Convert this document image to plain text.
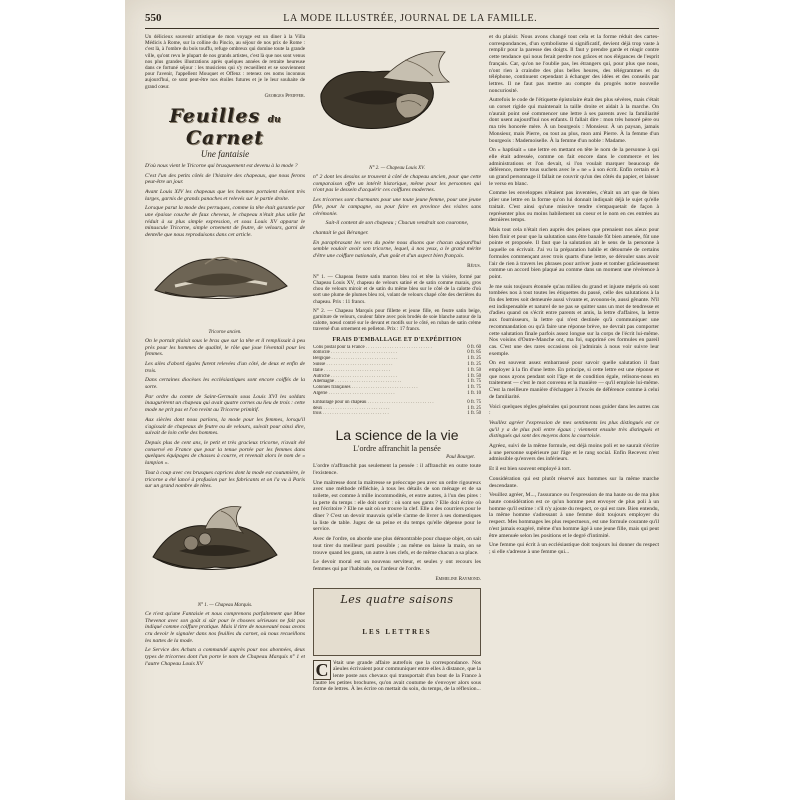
550	LA MODE ILLUSTRÉE, JOURNAL DE LA FAMILLE.

Un délicieux souvenir artistique de mon voyage est un diner à la Villa Médicis à Rome, sur la colline du Pincio, au séjour de nos prix de Rome : c'est là, à l'ombre du bois touffu, refuge ombreux qui domine toute la grande ville, qu'ont revu le plupart de nos grands artistes, c'est là que nos sont venus nos plus grandes illustrations après quelques années de retraite heureuse dans ce fortuné séjour : les musiciens qui s'y recueillent et se souviennent pour l'avenir, l'appellent Mouquet et Offenz : retenez ces noms inconnus aujourd'hui, ce sont peut-être nos étoiles futures et je le leur souhaite de grand cœur.

Georges Pfeiffer.
Feuilles du Carnet
Une fantaisie

D'où nous vient le Tricorne qui brusquement est devenu à la mode ?

C'est l'un des petits côtés de l'histoire des chapeaux, que nous ferons peut-être un jour.

Avant Louis XIV les chapeaux que les hommes portaient étaient très larges, garnis de grands panaches et relevés sur le partie droite.

Lorsque parut la mode des perruques, comme la tête était garantie par une épaisse couche de faux cheveux, le chapeau n'était plus utile fut réduit à sa plus simple expression, et sous Louis XV apparut le minuscule Tricorne, simple ornement de feutre, de velours, garni de dentelle que nous reproduisons dans cet article.

Tricorne ancien.

On le portait plaisit sous le bras que sur la tête et il remplissait à peu près pour les hommes de qualité, le rôle que joue l'éventail pour les femmes.

Les ailes d'abord égales furent relevées d'un côté, de deux et enfin de trois.

Dans certaines diocèses les ecclésiastiques sont encore coiffés de la sorte.

Par ordre du comte de Saint-Germain sous Louis XVI les soldats inaugurèrent un chapeau qui avait quatre cornes au lieu de trois : cette mode ne prit pas et l'on revint au Tricorne primitif.

Aux siècles dont nous parlons, la mode pour les femmes, lorsqu'il s'agissait de chapeaux de feutre ou de velours, suivait pour ainsi dire, suivait de loin celle des hommes.

Depuis plus de cent ans, le petit et très gracieux tricorne, n'avait été conservé en France que pour la tenue portée par les femmes dans quelques équipages de chasses à courre, et revenait alors le nom de « lampion ».

Tout à coup avec ces brusques caprices dont la mode est coutumière, le tricorne a été lancé à profusion par les fabricants et on l'a vu à Paris sur un grand nombre de têtes.

N° 1. — Chapeau Marquis.

Ce n'est qu'une Fantaisie et nous comprenons parfaitement que Mme Thevenot avec son goût si sûr pour le chosees sérieuses ne fait pas indiqué comme coiffure pratique. Mais il titre de nouveauté nous avons cru devoir le signaler dans nos feuilles du carnet, où nous recueillons les nattes de la mode.

Le Service des Achats a commandé auprès pour nos abonnées, deux types de tricornes dont l'un porte le nom de Chapeau Marquis n° 1 et l'autre Chapeau Louis XV

N° 2. — Chapeau Louis XV.

n° 2 dont les dessins se trouvent à côté de chapeau ancien, pour que cette comparaison offre un intérêt historique, même pour les personnes qui n'ont pas le dessein d'acquérir ces coiffures modernes.

Les tricornes sont charmants pour une toute jeune femme, pour une jeune fille, pour la campagne, ou pour faire en province des visites sans cérémonie.

Sait-il content de son chapeau ; Chacun vendrait son couronne,

chantait le gai Béranger.

En paraphrasant les vers du poète nous disons que chacun aujourd'hui semble vouloir avoir son tricorne, lequel, à nos yeux, a le grand mérite d'être une coiffure nationale, d'un goût et d'un aspect bien français.

Réjus.

N° 1. — Chapeau feutre satin marron bleu roi et tête la visière, formé par Chapeau Louis XV, chapeau de velours satiné et de satin comme marais, gros chou de velours miroir et de satin du même bleu sur le côté de la calotte d'où sort une plume de plumes bleu roi, volant de velours chapé côte des derrières du chapeau. Prix : 11 francs.

N° 2. — Chapeau Marquis pour fillette et jeune fille, en feutre satin beige, garniture de velours, couleur fabre avec pois brodés de soie blanche autour de la calotte, nœud contré sur le devant et motifs sur le côté, en ruban de satin crème traversé d'un ornement en pelleton. Prix : 17 francs.

FRAIS D'EMBALLAGE ET D'EXPÉDITION
Colis postal pour la France . . .	0 fr. 60
domicile . . .	0 fr. 85
Belgique . . .	1 fr. 25
Suisse . . .	1 fr. 25
Italie . . .	1 fr. 50
Autriche . . .	1 fr. 50
Allemagne . . .	1 fr. 75
Colonies françaises . . .	1 fr. 75
Algérie . . .	1 fr. 10
Emballage pour un chapeau . . .	0 fr. 75
deux . . .	1 fr. 25
trois . . .	1 fr. 50
La science de la vie
L'ordre affranchit la pensée
Paul Bourget.

L'ordre n'affranchit pas seulement la pensée : il affranchit en outre toute l'existence.

Une maîtresse dont la maîtresse se préoccupe peu avec un ordre rigoureux avec une méthode réfléchie, à tous les détails de son ménage et de sa toilette, est comme à mille incommodités, et entre autres, à l'un des pires : la perte du temps : elle doit sortir : où sont ses gants ? Elle doit écrire où est l'écritoire ? Elle ne sait où se trouve la clef. Elle a des courriers pour le dîner ? C'est un devoir mauvais qu'elle s'arme de livrer à ses domestiques la liste de table. Jugez de sa peine et du temps qu'elle dépense pour le service.

Avec de l'ordre, on aborde une plus démontrable pour chaque objet, on sait tout tirer du meilleur parti possible ; au même on laisse la main, on se trouve quand les gants, un autre à ses clefs, et de même chacun a sa place.

Le devoir moral est un nouveau serviteur, et seules y ont recours les femmes qui par l'habitude, ou l'ardeur de l'ordre.

Emmeline Raymond.
Les quatre saisons
LES LETTRES

C 'était une grande affaire autrefois que la correspondance. Nos aïeules écrivaient pour communiquer entre elles à distance, que la lente poste aux chevaux qui transportait d'un bout de la France à l'autre les petites brochures, qu'on avait coutume de s'envoyer alors sous forme de lettres. À les écrire on mettait du soin, du temps, de la réflexion...

et du plaisir. Nous avons changé tout cela et la forme réduit des cartes-correspondances, d'un symbolisme si significatif, devient déjà trop vaste à remplir pour la paresse des doigts. Il faut y prendre garde et réagir contre cette tendance qui nous ferait perdre nos grâces et nos élégances de l'esprit français. Car, qu'on ne l'oublie pas, les étrangers qui, pour plus que nous, n'ont rien à craindre des plus belles heures, des télégrammes et du téléphone, continuent cependant à échanger des idées et des conseils par lettres. Il ne faut pas mettre au compte du progrès notre nouvelle noncuriosité.

Autrefois le code de l'étiquette épistolaire était des plus sévères, mais c'était un corset rigide qui maintenait la taille droite et aidait à la marche. On n'aurait point osé commencer une lettre à ses parents avec la familiarité dont usent aujourd'hui nos enfants. Il fallait dire : mon très honoré père ou ma très honorée mère. À un bourgeois : Monsieur. À un paysan, jamais Monsieur, mais Pierre, ou tout au plus, mon ami Pierre. À la femme d'un bourgeois : Mademoiselle. À la femme d'un noble : Madame.

On « haptisait » une lettre en mettant en tête le nom de la personne à qui elle était adressée, comme on fait encore dans le commerce et les administrations et l'on devait, si l'on voulait marquer beaucoup de déférence, mettre tous suchets avec le « ne » à son écrit. Enfin certain et à un grand personnage il fallait ne couvrir qu'un des côtés du papier, et laisser le verso en blanc.

Comme les enveloppes n'étaient pas inventées, c'était un art que de bien plier une lettre en la forme qu'on lui donnait indiquait déjà le sujet qu'elle traitait. C'est ainsi qu'une missive tendre s'empaquetait de façon à représenter plus ou moins habilement un coeur et le nom en ces entrées au dernières temps.

Mais tout cela n'était rien auprès des peines que prenaient nos aïeux pour bien finir et pour que la salutation sans être banale fût bien amenée, fût une pointe et proposée. Il faut que la salutation ait le sens de la personne à laquelle on écrivait. J'ai vu la préparation habile et détournée de certains formules commençant avec trois quarts d'une lettre, se dérouler sans avoir l'air de rien à travers les phrases pour arriver juste et tomber grâcieusement comme un accord bien plaqué au comme dans un moment une révérence à point.

Je me suis toujours étonnée qu'au milieu du grand et injuste mépris où sont tombées nos à tout toutes les étiquettes du passé, celle des salutations à la fin des lettres soit demeurée aussi vivante et, avouons-le, aussi gênante. N'il est indispensable et naturel de ne pas se quitter sans un mot de tendresse et d'adieu quand on s'écrit entre parents et amis, la lettre d'affaires, la lettre aux fournisseurs, la lettre qui n'est destinée qu'à communiquer une recommandation ou qu'à faire une réponse brève, ne devrait pas comporter cette salutation finale parfois assez longue sur la corps de l'écrit lui-même. Nos voisins d'Outre-Manche ont, ma foi, supprimé ces formules en pareil cas. C'est une des rares occasions où j'admirais à nous voir suivre leur exemple.

On est souvent assez embarrassé pour savoir quelle salutation il faut employer à la fin d'une lettre. En principe, si cette lettre est une réponse et que nous ayons pendant soit l'âge et de condition égale, relisons-nous en traitement — c'est le mot convenu et la manière — qu'il emploie lui-même. C'est la meilleure manière d'échapper à l'excès de déférence comme à celui de familiarité.

Voici quelques règles générales qui pourront nous guider dans les autres cas :

Veuillez agréer l'expression de mes sentiments les plus distingués est ce qu'il y a de plus poli entre égaux ; viennent ensuite très distingués et distingués qui sont des moyens dans la courtoisie.

Agréez, suivi de la même formule, est déjà moins poli et ne saurait s'écrire à une personne supérieure par l'âge et le rang social. Enfin Recevez n'est admissible qu'envers des inférieurs.

Et il est bien souvent employé à tort.

Considération qui est plutôt réservé aux hommes sur la même marche descendante.

Veuillez agréer, M..., l'assurance ou l'expression de ma haute ou de ma plus haute considération est ce qu'un homme peut envoyer de plus poli à un homme qu'il estime : s'il n'y ajoute du respect, ce qui est rare. Bien entendu, la même homme s'adressant à une femme doit toujours employer du respect. Mes hommages les plus respectueux, est une formule courante qu'il n'est jamais exagéré, même d'un homme âgé à une jeune fille, mais qui peut être amenuée selon les positions et le degré d'intimité.

Une femme qui écrit à un ecclésiastique doit toujours lui donner du respect ; si elle s'adresse à une femme qui...
